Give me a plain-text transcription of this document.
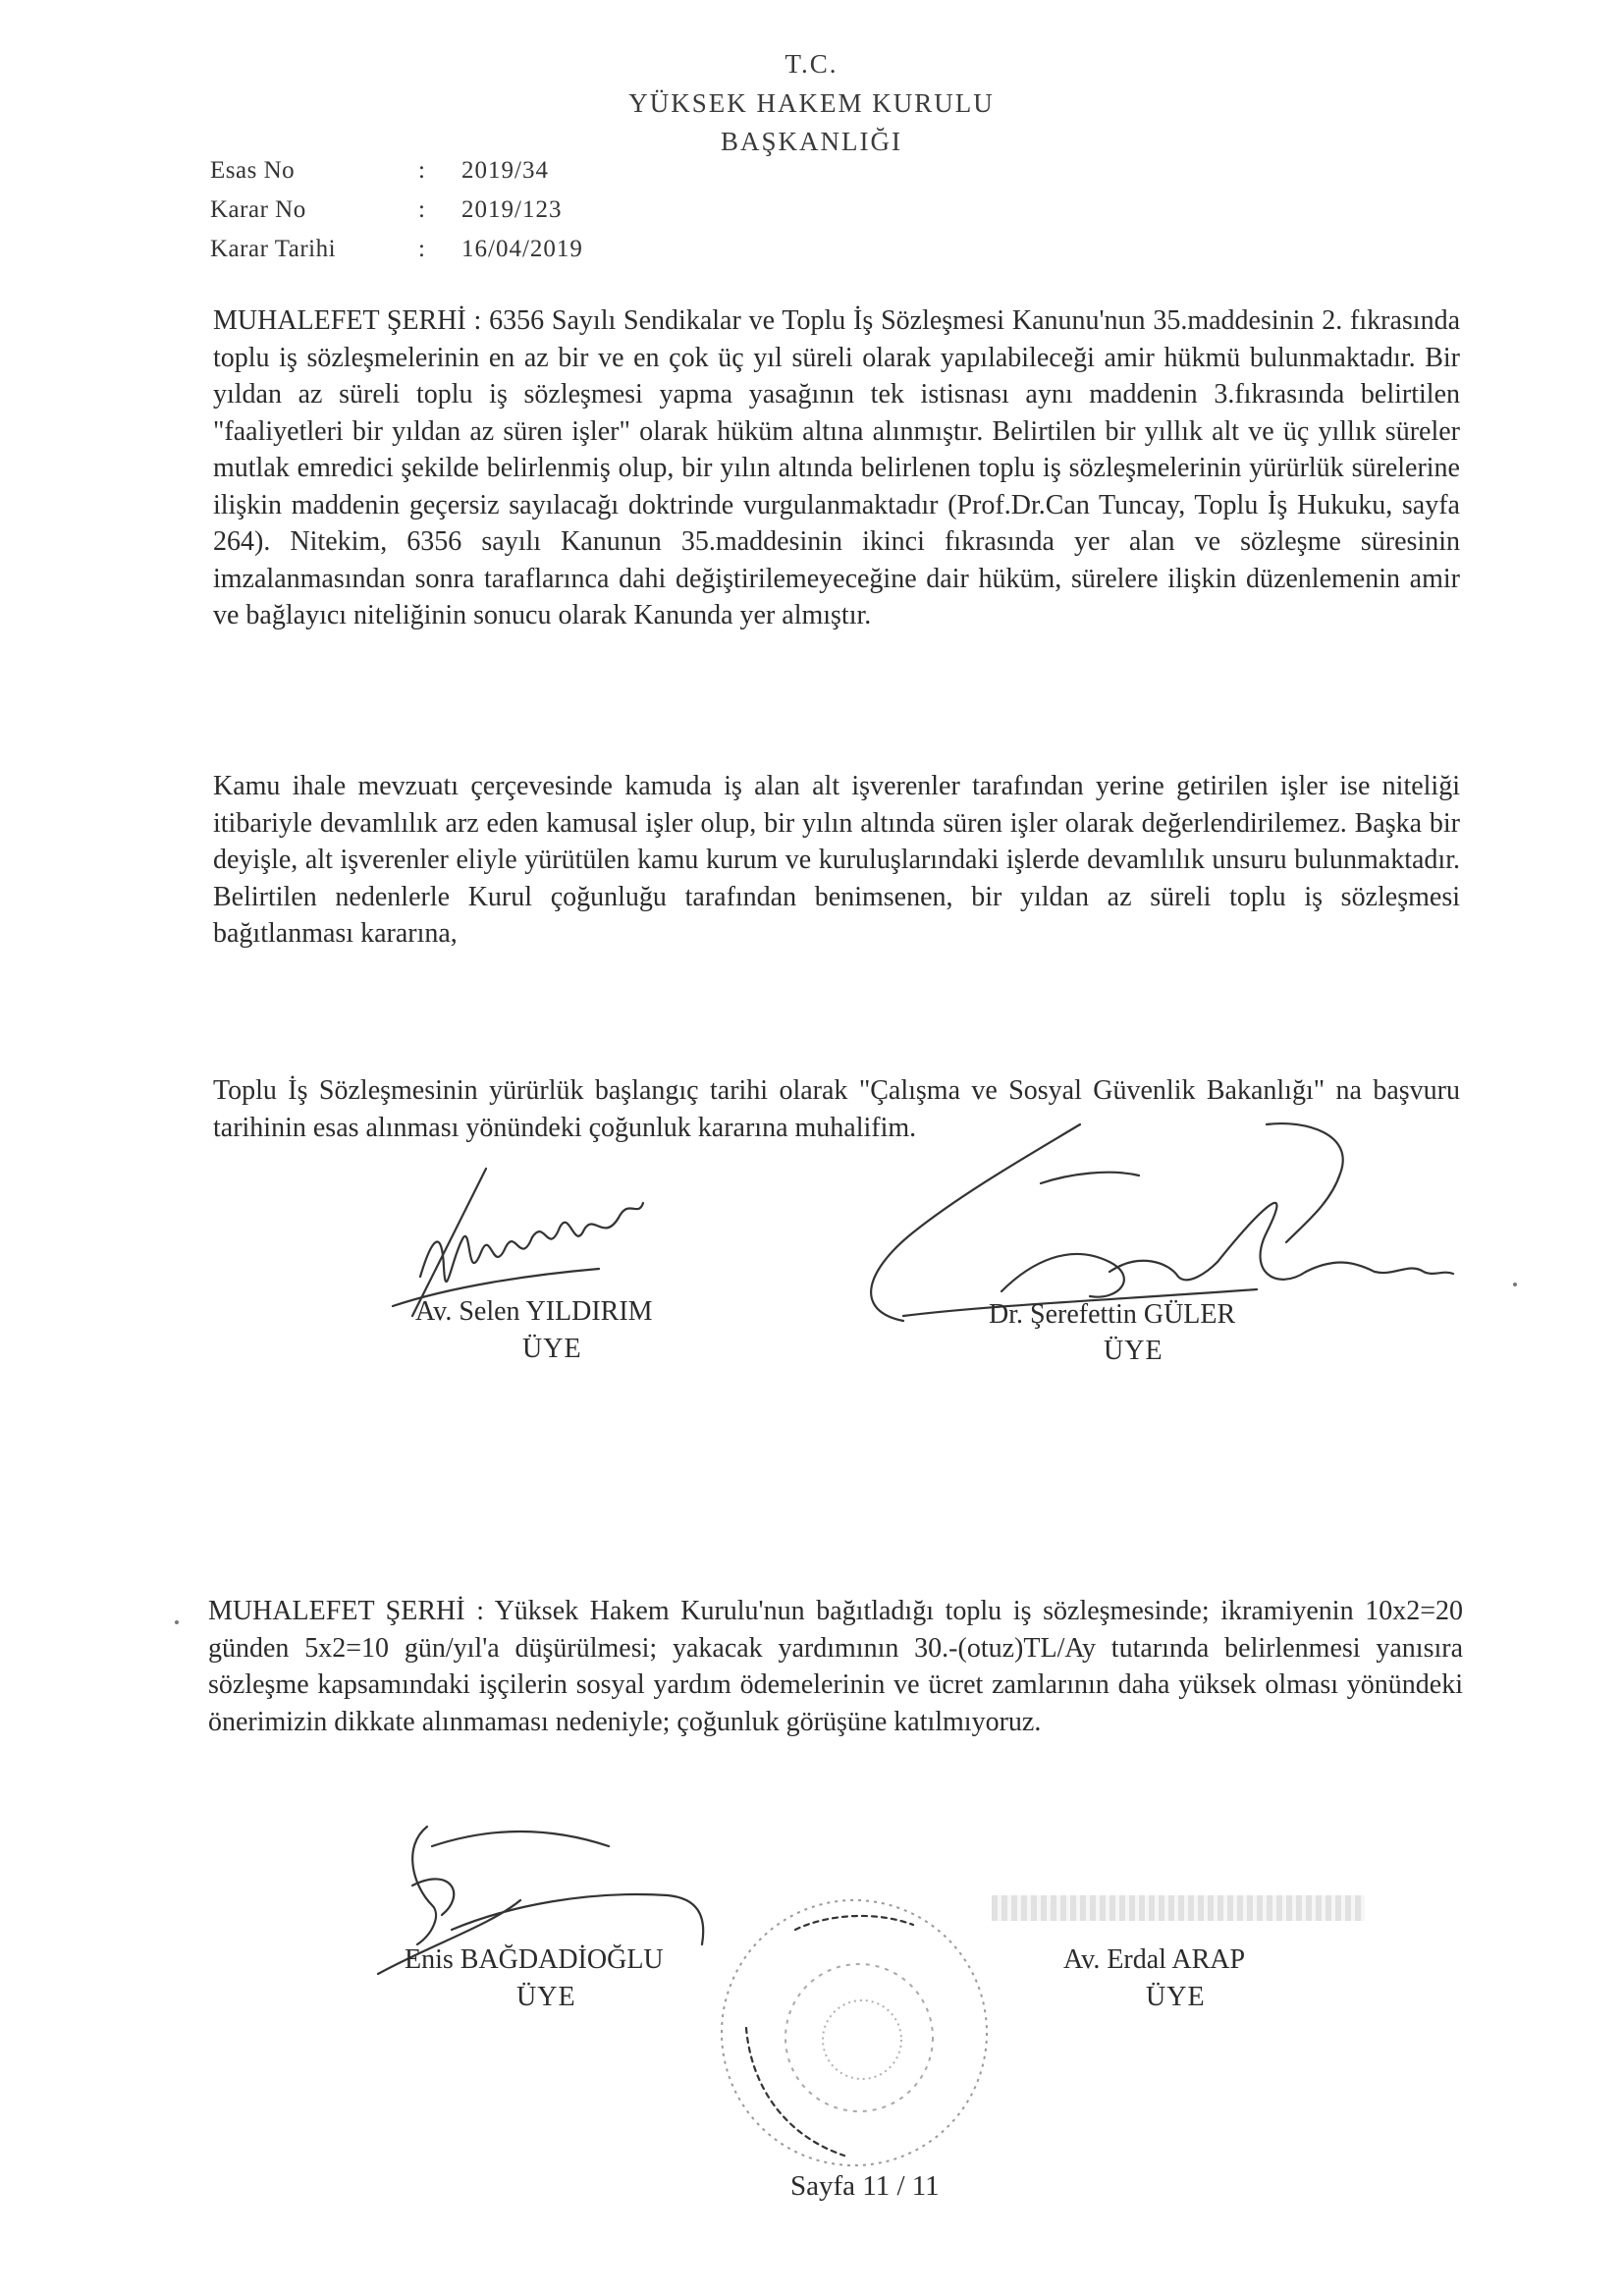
T.C.
YÜKSEK HAKEM KURULU
BAŞKANLIĞI
Esas No	: 2019/34
Karar No	: 2019/123
Karar Tarihi	: 16/04/2019
MUHALEFET ŞERHİ : 6356 Sayılı Sendikalar ve Toplu İş Sözleşmesi Kanunu'nun 35.maddesinin 2. fıkrasında toplu iş sözleşmelerinin en az bir ve en çok üç yıl süreli olarak yapılabileceği amir hükmü bulunmaktadır. Bir yıldan az süreli toplu iş sözleşmesi yapma yasağının tek istisnası aynı maddenin 3.fıkrasında belirtilen "faaliyetleri bir yıldan az süren işler" olarak hüküm altına alınmıştır. Belirtilen bir yıllık alt ve üç yıllık süreler mutlak emredici şekilde belirlenmiş olup, bir yılın altında belirlenen toplu iş sözleşmelerinin yürürlük sürelerine ilişkin maddenin geçersiz sayılacağı doktrinde vurgulanmaktadır (Prof.Dr.Can Tuncay, Toplu İş Hukuku, sayfa 264). Nitekim, 6356 sayılı Kanunun 35.maddesinin ikinci fıkrasında yer alan ve sözleşme süresinin imzalanmasından sonra taraflarınca dahi değiştirilemeyeceğine dair hüküm, sürelere ilişkin düzenlemenin amir ve bağlayıcı niteliğinin sonucu olarak Kanunda yer almıştır.
Kamu ihale mevzuatı çerçevesinde kamuda iş alan alt işverenler tarafından yerine getirilen işler ise niteliği itibariyle devamlılık arz eden kamusal işler olup, bir yılın altında süren işler olarak değerlendirilemez. Başka bir deyişle, alt işverenler eliyle yürütülen kamu kurum ve kuruluşlarındaki işlerde devamlılık unsuru bulunmaktadır. Belirtilen nedenlerle Kurul çoğunluğu tarafından benimsenen, bir yıldan az süreli toplu iş sözleşmesi bağıtlanması kararına,
Toplu İş Sözleşmesinin yürürlük başlangıç tarihi olarak "Çalışma ve Sosyal Güvenlik Bakanlığı" na başvuru tarihinin esas alınması yönündeki çoğunluk kararına muhalifim.
Av. Selen YILDIRIM
ÜYE
Dr. Şerefettin GÜLER
ÜYE
MUHALEFET ŞERHİ : Yüksek Hakem Kurulu'nun bağıtladığı toplu iş sözleşmesinde; ikramiyenin 10x2=20 günden 5x2=10 gün/yıl'a düşürülmesi; yakacak yardımının 30.-(otuz)TL/Ay tutarında belirlenmesi yanısıra sözleşme kapsamındaki işçilerin sosyal yardım ödemelerinin ve ücret zamlarının daha yüksek olması yönündeki önerimizin dikkate alınmaması nedeniyle; çoğunluk görüşüne katılmıyoruz.
Enis BAĞDADİOĞLU
ÜYE
Av. Erdal ARAP
ÜYE
Sayfa 11 / 11
